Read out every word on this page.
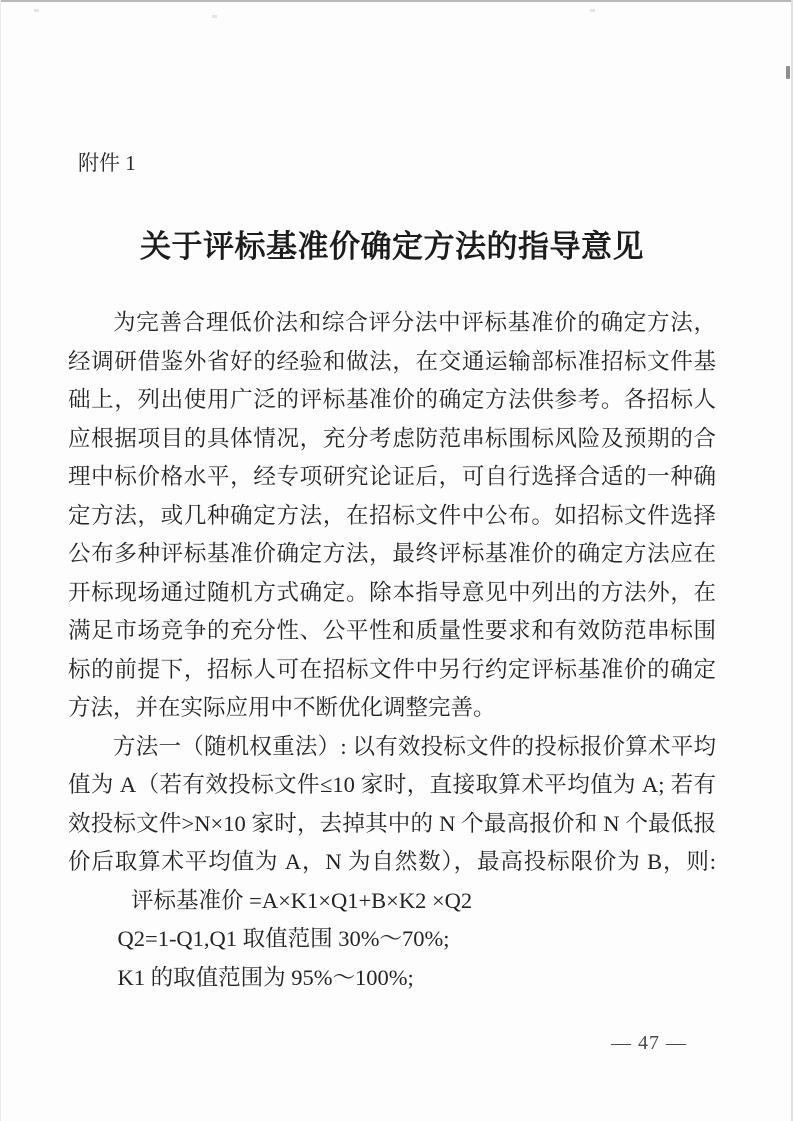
附件 1
关于评标基准价确定方法的指导意见
为完善合理低价法和综合评分法中评标基准价的确定方法，
经调研借鉴外省好的经验和做法，在交通运输部标准招标文件基
础上，列出使用广泛的评标基准价的确定方法供参考。各招标人
应根据项目的具体情况，充分考虑防范串标围标风险及预期的合
理中标价格水平，经专项研究论证后，可自行选择合适的一种确
定方法，或几种确定方法，在招标文件中公布。如招标文件选择
公布多种评标基准价确定方法，最终评标基准价的确定方法应在
开标现场通过随机方式确定。除本指导意见中列出的方法外，在
满足市场竞争的充分性、公平性和质量性要求和有效防范串标围
标的前提下，招标人可在招标文件中另行约定评标基准价的确定
方法，并在实际应用中不断优化调整完善。
方法一（随机权重法）: 以有效投标文件的投标报价算术平均
值为 A（若有效投标文件≤10 家时，直接取算术平均值为 A; 若有
效投标文件>N×10 家时，去掉其中的 N 个最高报价和 N 个最低报
价后取算术平均值为 A，N 为自然数），最高投标限价为 B，则:
评标基准价 =A×K1×Q1+B×K2 ×Q2
Q2=1-Q1,Q1 取值范围 30%～70%;
K1 的取值范围为 95%～100%;
— 47 —
